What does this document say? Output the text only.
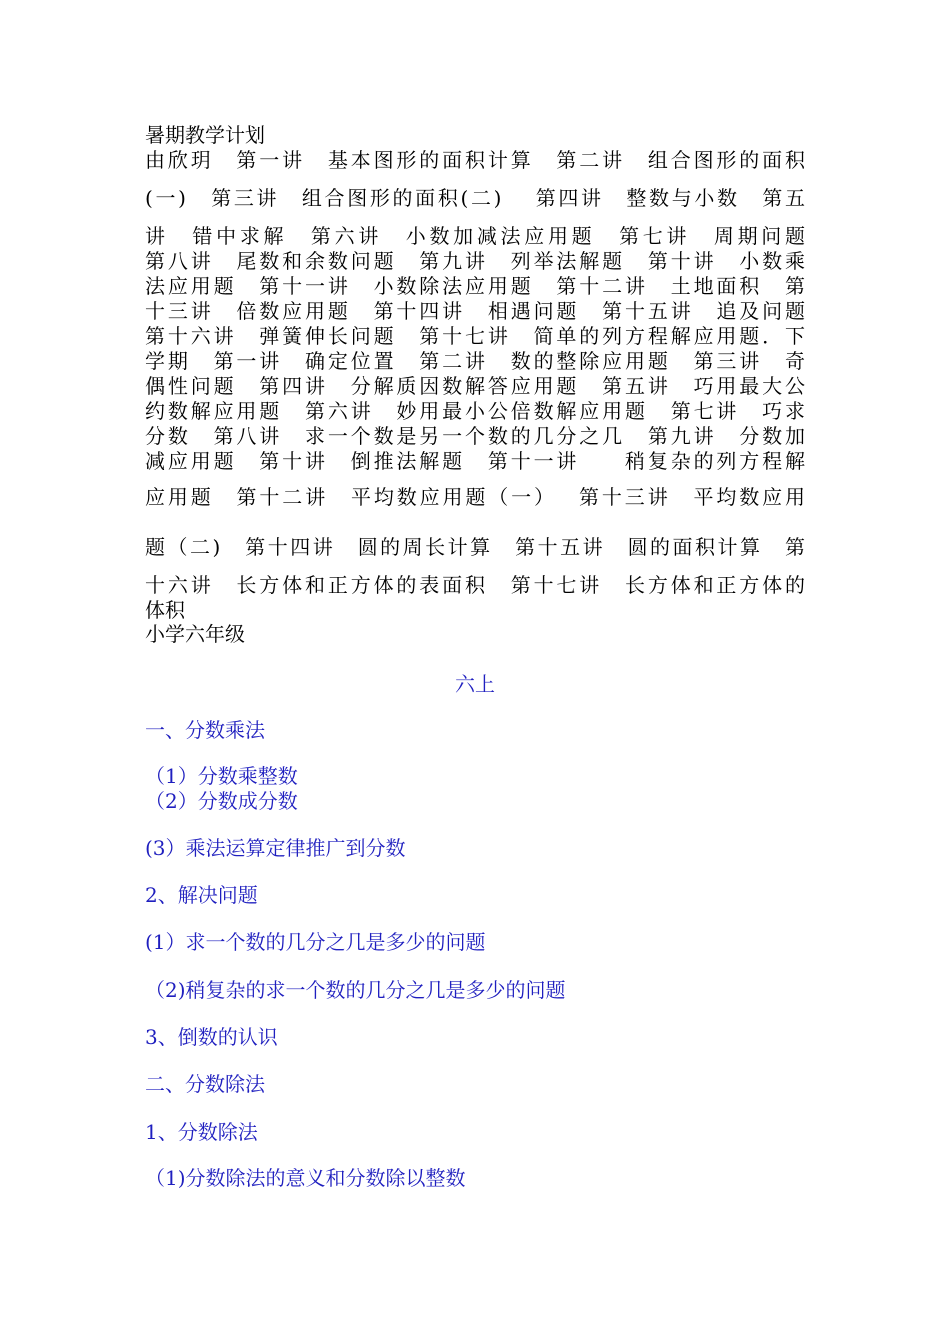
暑期教学计划
由欣玥　第一讲　基本图形的面积计算　第二讲　组合图形的面积
(一)　第三讲　组合图形的面积(二)　 第四讲　整数与小数　第五
讲　错中求解　第六讲　小数加减法应用题　第七讲　周期问题
第八讲　尾数和余数问题　第九讲　列举法解题　第十讲　小数乘
法应用题　第十一讲　小数除法应用题　第十二讲　土地面积　第
十三讲　倍数应用题　第十四讲　相遇问题　第十五讲　追及问题
第十六讲　弹簧伸长问题　第十七讲　简单的列方程解应用题．下
学期　第一讲　确定位置　第二讲　数的整除应用题　第三讲　奇
偶性问题　第四讲　分解质因数解答应用题　第五讲　巧用最大公
约数解应用题　第六讲　妙用最小公倍数解应用题　第七讲　巧求
分数　第八讲　求一个数是另一个数的几分之几　第九讲　分数加
减应用题　第十讲　倒推法解题　第十一讲　　稍复杂的列方程解
应用题　第十二讲　平均数应用题（一）　 第十三讲　平均数应用
题（二)　第十四讲　圆的周长计算　第十五讲　圆的面积计算　第
十六讲　长方体和正方体的表面积　第十七讲　长方体和正方体的
体积
小学六年级
六上
一、分数乘法
（1）分数乘整数
（2）分数成分数
(3）乘法运算定律推广到分数
2、解决问题
(1）求一个数的几分之几是多少的问题
（2)稍复杂的求一个数的几分之几是多少的问题
3、倒数的认识
二、分数除法
1、分数除法
（1)分数除法的意义和分数除以整数
